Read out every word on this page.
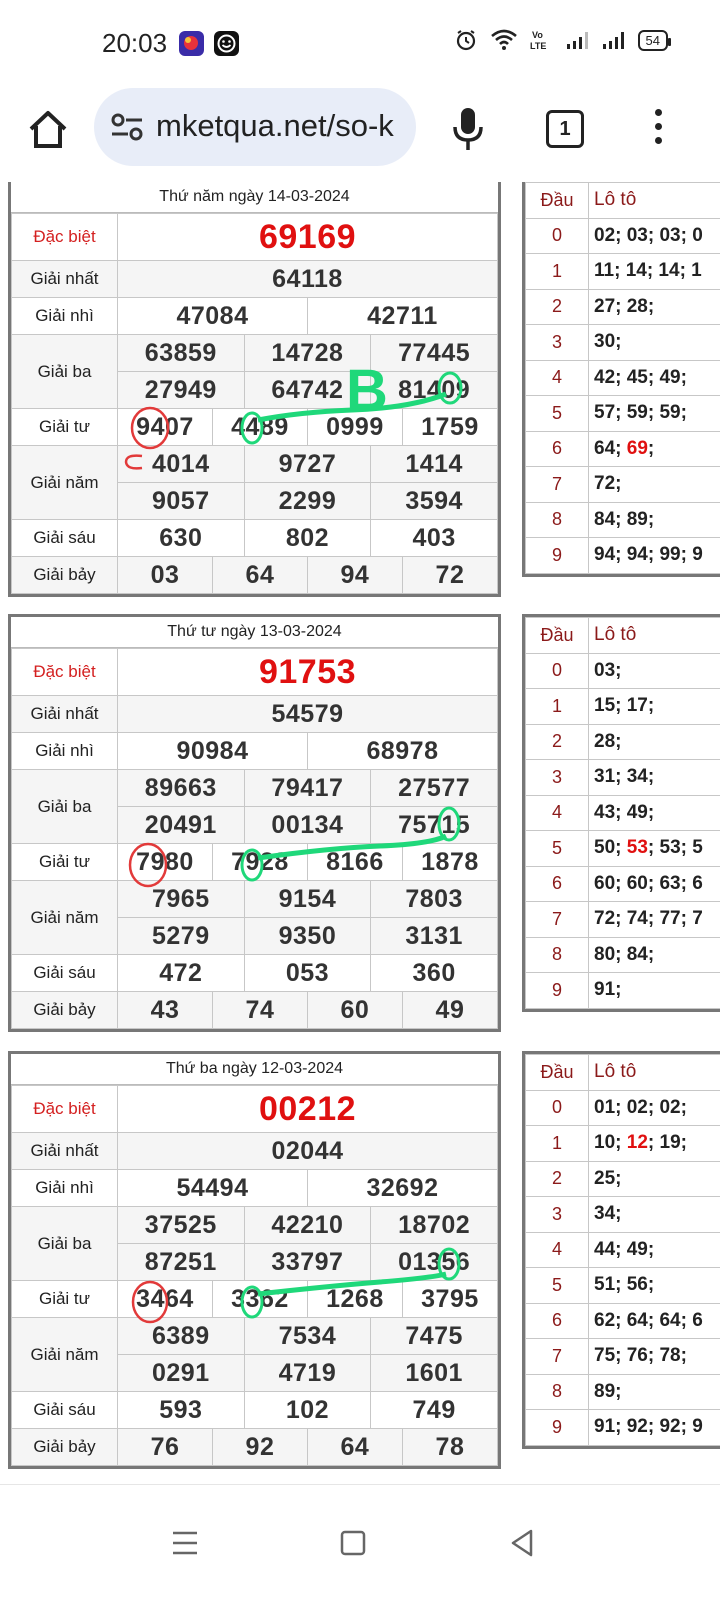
20:03	Vo
LTE	54
mketqua.net/so-k	1
Thứ năm ngày 14-03-2024
Đặc biệt	69169					
Giải nhất	64118					
Giải nhì	47084			42711		
Giải ba	63859		14728		77445	
	27949		64742		81409	
Giải tư	9407	4489		0999		1759
Giải năm	4014		9727		1414	
	9057		2299		3594	
Giải sáu	630		802		403	
Giải bảy	03	64		94		72
Đầu	Lô tô
0	02; 03; 03; 0
1	11; 14; 14; 1
2	27; 28;
3	30;
4	42; 45; 49;
5	57; 59; 59;
6	64; 69;
7	72;
8	84; 89;
9	94; 94; 99; 9
Thứ tư ngày 13-03-2024
Đặc biệt	91753					
Giải nhất	54579					
Giải nhì	90984			68978		
Giải ba	89663		79417		27577	
	20491		00134		75715	
Giải tư	7980	7928		8166		1878
Giải năm	7965		9154		7803	
	5279		9350		3131	
Giải sáu	472		053		360	
Giải bảy	43	74		60		49
Đầu	Lô tô
0	03;
1	15; 17;
2	28;
3	31; 34;
4	43; 49;
5	50; 53; 53; 5
6	60; 60; 63; 6
7	72; 74; 77; 7
8	80; 84;
9	91;
Thứ ba ngày 12-03-2024
Đặc biệt	00212					
Giải nhất	02044					
Giải nhì	54494			32692		
Giải ba	37525		42210		18702	
	87251		33797		01356	
Giải tư	3464	3362		1268		3795
Giải năm	6389		7534		7475	
	0291		4719		1601	
Giải sáu	593		102		749	
Giải bảy	76	92		64		78
Đầu	Lô tô
0	01; 02; 02;
1	10; 12; 19;
2	25;
3	34;
4	44; 49;
5	51; 56;
6	62; 64; 64; 6
7	75; 76; 78;
8	89;
9	91; 92; 92; 9
B
